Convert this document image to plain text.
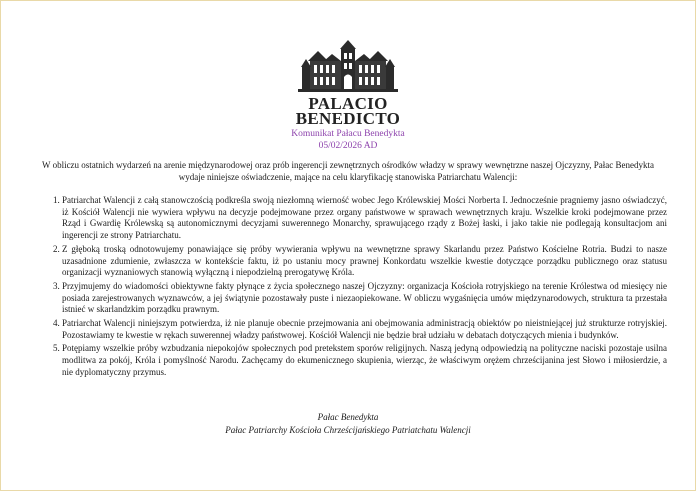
PALACIO
BENEDICTO
Komunikat Pałacu Benedykta
05/02/2026 AD
W obliczu ostatnich wydarzeń na arenie międzynarodowej oraz prób ingerencji zewnętrznych ośrodków władzy w sprawy wewnętrzne naszej Ojczyzny, Pałac Benedykta wydaje niniejsze oświadczenie, mające na celu klaryfikację stanowiska Patriarchatu Walencji:
1. Patriarchat Walencji z całą stanowczością podkreśla swoją niezłomną wierność wobec Jego Królewskiej Mości Norberta I. Jednocześnie pragniemy jasno oświadczyć, iż Kościół Walencji nie wywiera wpływu na decyzje podejmowane przez organy państwowe w sprawach wewnętrznych kraju. Wszelkie kroki podejmowane przez Rząd i Gwardię Królewską są autonomicznymi decyzjami suwerennego Monarchy, sprawującego rządy z Bożej łaski, i jako takie nie podlegają konsultacjom ani ingerencji ze strony Patriarchatu.
2. Z głęboką troską odnotowujemy ponawiające się próby wywierania wpływu na wewnętrzne sprawy Skarlandu przez Państwo Kościelne Rotria. Budzi to nasze uzasadnione zdumienie, zwłaszcza w kontekście faktu, iż po ustaniu mocy prawnej Konkordatu wszelkie kwestie dotyczące porządku publicznego oraz statusu organizacji wyznaniowych stanowią wyłączną i niepodzielną prerogatywę Króla.
3. Przyjmujemy do wiadomości obiektywne fakty płynące z życia społecznego naszej Ojczyzny: organizacja Kościoła rotryjskiego na terenie Królestwa od miesięcy nie posiada zarejestrowanych wyznawców, a jej świątynie pozostawały puste i niezaopiekowane. W obliczu wygaśnięcia umów międzynarodowych, struktura ta przestała istnieć w skarlandzkim porządku prawnym.
4. Patriarchat Walencji niniejszym potwierdza, iż nie planuje obecnie przejmowania ani obejmowania administracją obiektów po nieistniejącej już strukturze rotryjskiej. Pozostawiamy te kwestie w rękach suwerennej władzy państwowej. Kościół Walencji nie będzie brał udziału w debatach dotyczących mienia i budynków.
5. Potępiamy wszelkie próby wzbudzania niepokojów społecznych pod pretekstem sporów religijnych. Naszą jedyną odpowiedzią na polityczne naciski pozostaje usilna modlitwa za pokój, Króla i pomyślność Narodu. Zachęcamy do ekumenicznego skupienia, wierząc, że właściwym orężem chrześcijanina jest Słowo i miłosierdzie, a nie dyplomatyczny przymus.
Pałac Benedykta
Pałac Patriarchy Kościoła Chrześcijańskiego Patriatchatu Walencji
